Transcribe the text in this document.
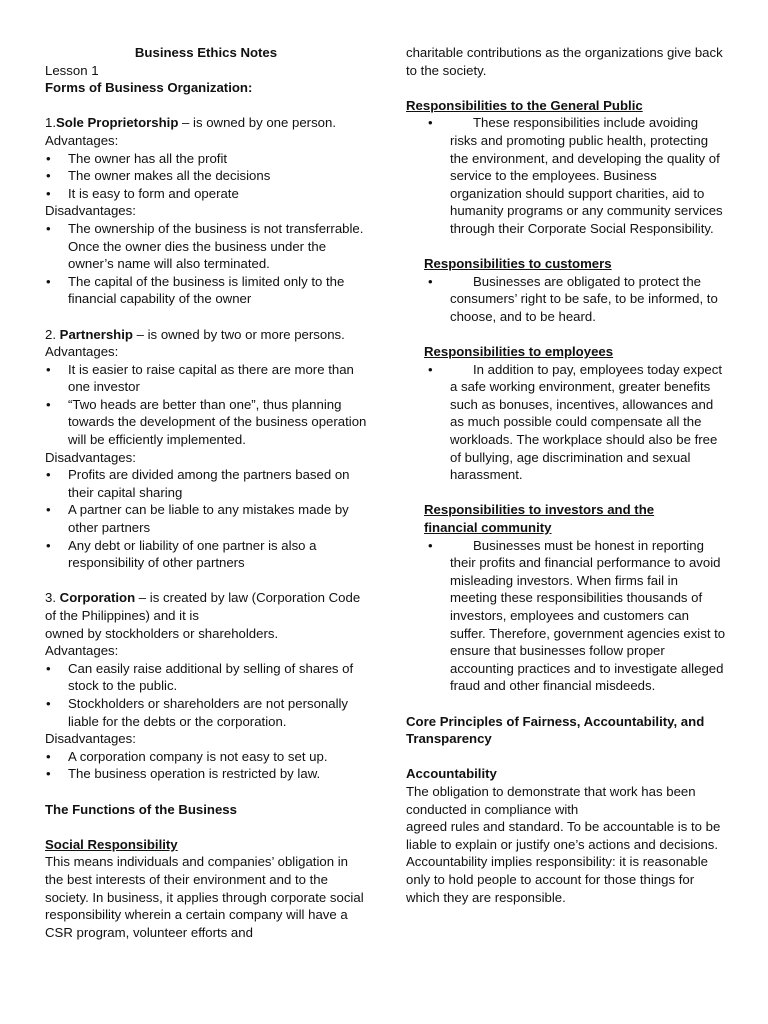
Business Ethics Notes

Lesson 1

Forms of Business Organization:

1.Sole Proprietorship – is owned by one person.

Advantages:

• The owner has all the profit
• The owner makes all the decisions
• It is easy to form and operate

Disadvantages:

• The ownership of the business is not transferrable. Once the owner dies the business under the owner’s name will also terminated.
• The capital of the business is limited only to the financial capability of the owner

2. Partnership – is owned by two or more persons.

Advantages:

• It is easier to raise capital as there are more than one investor
• “Two heads are better than one”, thus planning towards the development of the business operation will be efficiently implemented.

Disadvantages:

• Profits are divided among the partners based on their capital sharing
• A partner can be liable to any mistakes made by other partners
• Any debt or liability of one partner is also a responsibility of other partners

3. Corporation – is created by law (Corporation Code of the Philippines) and it is

owned by stockholders or shareholders.

Advantages:

• Can easily raise additional by selling of shares of stock to the public.
• Stockholders or shareholders are not personally liable for the debts or the corporation.

Disadvantages:

• A corporation company is not easy to set up.
• The business operation is restricted by law.

The Functions of the Business

Social Responsibility

This means individuals and companies’ obligation in the best interests of their environment and to the society. In business, it applies through corporate social responsibility wherein a certain company will have a CSR program, volunteer efforts and

charitable contributions as the organizations give back to the society.

Responsibilities to the General Public

•	These responsibilities include avoiding risks and promoting public health, protecting the environment, and developing the quality of service to the employees. Business organization should support charities, aid to humanity programs or any community services through their Corporate Social Responsibility.

Responsibilities to customers

•	Businesses are obligated to protect the consumers’ right to be safe, to be informed, to choose, and to be heard.

Responsibilities to employees

•	In addition to pay, employees today expect a safe working environment, greater benefits such as bonuses, incentives, allowances and as much possible could compensate all the workloads. The workplace should also be free of bullying, age discrimination and sexual harassment.

Responsibilities to investors and the financial community

•	Businesses must be honest in reporting their profits and financial performance to avoid misleading investors. When firms fail in meeting these responsibilities thousands of investors, employees and customers can suffer. Therefore, government agencies exist to ensure that businesses follow proper accounting practices and to investigate alleged fraud and other financial misdeeds.

Core Principles of Fairness, Accountability, and Transparency

Accountability

The obligation to demonstrate that work has been conducted in compliance with

agreed rules and standard. To be accountable is to be liable to explain or justify one’s actions and decisions. Accountability implies responsibility: it is reasonable only to hold people to account for those things for which they are responsible.
